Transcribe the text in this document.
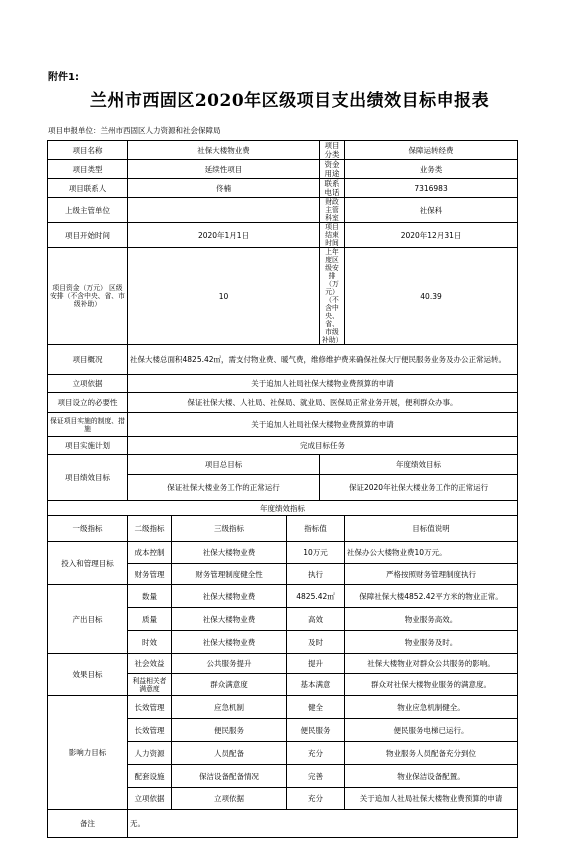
附件1:
兰州市西固区2020年区级项目支出绩效目标申报表
项目申报单位：兰州市西固区人力资源和社会保障局
项目名称	社保大楼物业费			项目分类	保障运转经费
项目类型	延续性项目			资金用途	业务类
项目联系人	佟楠			联系电话	7316983
上级主管单位				财政主管科室	社保科
项目开始时间	2020年1月1日			项目结束时间	2020年12月31日
项目资金（万元） 区级安排（不含中央、省、市级补助）	10			上年度区级安排（万元）（不含中央、省、市级补助）	40.39
项目概况	社保大楼总面积4825.42㎡，需支付物业费、暖气费，维修维护费来确保社保大厅便民服务业务及办公正常运转。				
立项依据	关于追加人社局社保大楼物业费预算的申请				
项目设立的必要性	保证社保大楼、人社局、社保局、就业局、医保局正常业务开展，便利群众办事。				
保证项目实施的制度、措施	关于追加人社局社保大楼物业费预算的申请				
项目实施计划	完成目标任务				
项目绩效目标	项目总目标			年度绩效目标	
	保证社保大楼业务工作的正常运行			保证2020年社保大楼业务工作的正常运行	
年度绩效指标					
一级指标	二级指标	三级指标	指标值		目标值说明
投入和管理目标	成本控制	社保大楼物业费	10万元		社保办公大楼物业费10万元。
	财务管理	财务管理制度健全性	执行		严格按照财务管理制度执行
产出目标	数量	社保大楼物业费	4825.42㎡		保障社保大楼4852.42平方米的物业正常。
	质量	社保大楼物业费	高效		物业服务高效。
	时效	社保大楼物业费	及时		物业服务及时。
效果目标	社会效益	公共服务提升	提升		社保大楼物业对群众公共服务的影响。
	利益相关者满意度	群众满意度	基本满意		群众对社保大楼物业服务的满意度。
影响力目标	长效管理	应急机制	健全		物业应急机制健全。
	长效管理	便民服务	便民服务		便民服务电梯已运行。
	人力资源	人员配备	充分		物业服务人员配备充分到位
	配套设施	保洁设备配备情况	完善		物业保洁设备配置。
	立项依据	立项依据	充分		关于追加人社局社保大楼物业费预算的申请
备注	无。				
